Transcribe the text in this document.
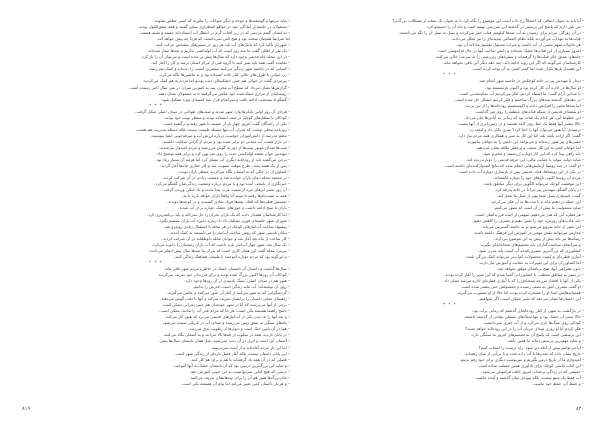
– بیاید مرغها و گوسفندها و جوجه و دیگر حیوانات را بیاورید که اسیر عطش نشوند.
– مسئولان در جلسه از آمادگی خود در مواقع اضطراری سخن گفتند و همه متفق‌القول بودند.
– به ایشان گفتم مردمی که در زیر آفتاب گرم در انتظار آب ایستاده‌اند خسته و تشنه هستند.
اما شرایط همچنان سخت بود و هیچ کس نمی‌دانست که فردا چه پیش خواهد آمد.
– شهردار تأکید کرد که تانکرهای آب باید هر روز در مسیرهای مشخص حرکت کنند.
– یک نفر از اهالی گفت ما سه روز است که آب لوله‌کشی نداریم و بچه‌ها بیمار شده‌اند.
– در این محله چاه قدیمی وجود دارد که سال‌ها پیش پر شده است و می‌توان آن را باز کرد.
– نماینده گفت همه باید صبر کنند تا گروه فنی از مرکز استان برسد و کار را آغاز کند.
– کسانی که در حاشیه شهر زندگی می‌کنند بیشترین آسیب را دیده‌اند و کمک نمی‌رسد.
– زن جوانی با ظرف‌های خالی کنار جاده ایستاده بود و به ماشین‌ها نگاه می‌کرد.
– پیرمردی گفت در جوانی هم چنین خشکسالی دیده بودیم اما مردم به هم کمک می‌کردند.
– گزارش‌ها نشان می‌داد که سطح آب مخزن سد به کمترین میزان در سی سال اخیر رسیده است.
– روستاییان از مزارع خشک‌شده خود عکس می‌گرفتند تا به مسئولان نشان دهند.
– گفتگو تا نیمه‌شب ادامه یافت و سرانجام قرار شد کمیته‌ای ویژه تشکیل شود.
* * *
– فردای آن روز اولین تانکرها وارد شهر شدند و صف‌های طولانی در میدان اصلی شکل گرفت.
– کودکان با سطل‌های کوچک در صف ایستاده بودند و منتظر نوبت خود بودند.
– یکی از رانندگان گفت امروز چهار بار از چشمه تا شهر رفته و برگشته است.
– روزنامه محلی نوشت که بحران آب تنها مسئله طبیعت نیست بلکه مسئله مدیریت هم هست.
– معلم مدرسه از دانش‌آموزان خواست درباره ارزش آب و صرفه‌جویی انشا بنویسند.
– در بازار قیمت آب معدنی دو برابر شده بود و مردم از گرانی شکایت داشتند.
– شب‌ها صدای موتور پمپ‌ها از دور به گوش می‌رسید و مردم امیدوار می‌شدند.
– مهندس جوان نقشه لوله‌کشی جدید را روی میز پهن کرد و برای همه توضیح داد.
– برخی می‌گفتند باید از رودخانه دیگری آب منتقل کرد اما هزینه آن بسیار زیاد بود.
– پس از یک هفته بحث، طرح موقت تصویب شد و کار حفاری چاه‌ها آغاز گردید.
– کشاورزان در حالی که به آسمان نگاه می‌کردند منتظر باران بودند.
– در مسجد محله دعای باران خوانده شد و جمعیت زیادی در آن شرکت کردند.
– خبرنگاری از پایتخت آمده بود و با مردم درباره وضعیت زندگی‌شان گفتگو می‌کرد.
– آن روز عصر ابرهای تیره از سمت غرب پیدا شدند و باد خنکی وزیدن گرفت.
– همه به پشت‌بام‌ها رفتند تا ببینند آیا واقعاً باران خواهد بارید یا نه.
– نخستین قطره‌ها که افتاد، بچه‌ها فریاد شادی کشیدند و در کوچه‌ها دویدند.
– باران تا صبح ادامه داشت و جوی‌های خشک دوباره پر از آب شدند.
– اما کارشناسان هشدار دادند که یک باران بحران را حل نمی‌کند و باید برنامه‌ریزی کرد.
– شورای شهر جلسه‌ای فوری تشکیل داد تا درباره ذخیره آب باران تصمیم بگیرد.
– پیشنهاد ساخت آب‌انبارهای کوچک در هر محله با استقبال زیادی روبه‌رو شد.
– بنایان قدیمی شهر که روش ساخت آب‌انبار را می‌دانستند به کمک آمدند.
– کار ساخت از ماه بعد آغاز شد و جوانان محله داوطلبانه در آن شرکت کردند.
– یک سال بعد، شهر چهار آب‌انبار تازه داشت که آب باران زمستان را ذخیره می‌کرد.
– پیرمرد محله گفت این همان کاری است که پدران ما صدها سال پیش انجام می‌دادند.
– و این‌گونه بود که مردم دوباره آموختند با طبیعت هماهنگ زندگی کنند.
* * *
– سال‌ها گذشت و داستان آن تابستان خشک در خاطره مردم شهر باقی ماند.
– کودکان آن روزها اکنون بزرگ شده بودند و برای فرزندان خود تعریف می‌کردند.
– هنوز هم در میدان اصلی، سنگ یادبودی از آن روزها وجود دارد.
– روی آن نوشته‌اند: آب مایه زندگی است، قدرش را بدانیم.
– گردشگرانی که به شهر می‌آیند از کنار آن عبور می‌کنند و عکس می‌گیرند.
– راهنمای محلی داستان را برایشان تعریف می‌کند و آنها با دقت گوش می‌دهند.
– برخی از آنها می‌پرسند که آیا در شهر خودشان هم چنین بحرانی ممکن است.
– پاسخ راهنما همیشه یکی است: هر جا که مردم قدر آب را ندانند، ممکن است.
– و بعد آنها را به دیدن یکی از آب‌انبارهای قدیمی می‌برد که هنوز کار می‌کند.
– پله‌های سنگی به عمق زمین می‌رسند و صدای آب در تاریکی شنیده می‌شود.
– هوا در آن پایین خنک است و دیوارها از رطوبت برق می‌زنند.
– در پایان بازدید، همه در سکوت از پله‌ها بالا می‌آیند و به آسمان نگاه می‌کنند.
– آسمان آبی است و ابری در آن دیده نمی‌شود، مثل همان تابستان سال‌ها پیش.
– اما این بار مردم آماده‌اند و از آینده نمی‌ترسند.
– این پایان داستان نیست، بلکه آغاز فصل تازه‌ای از زندگی شهر است.
– فصلی که در آن همه یاد گرفته‌اند با هم و برای هم کار کنند.
– و شاید این بزرگ‌ترین درسی بود که آن تابستان خشک به آنها آموخت.
– درسی که هیچ کتابی نمی‌توانست به این خوبی آموزش دهد.
– مادربزرگ‌ها هنوز هم آن را برای نوه‌هایشان تعریف می‌کنند.
– و هر بار داستان کمی تغییر می‌کند اما پیام آن همیشه یکی است.
۸۱۹
– آیا باید به عنوان اتفاقی که احتمالاً رخ داده است این موضوع را نگاه کرد یا به عنوان یک نشانه از مشکلات بزرگ‌تر؟
– من باور دارم که پاسخ این پرسش در گذشته این سرزمین نهفته است و باید آن را جستجو کرد.
– در آن روزگار، مردم برای رسیدن به آب صدها کیلومتر قنات حفر می‌کردند و نسل به نسل آن را نگه می‌داشتند.
– قنات‌ها نه تنها آب می‌آوردند بلکه نظام اجتماعی پیچیده‌ای را نیز شکل می‌دادند.
– هر خانواده سهم معینی از آب داشت و میراب مسئول تقسیم عادلانه آن بود.
– امروز بسیاری از این قنات‌ها خشک شده‌اند و دانش ساخت آنها در حال فراموشی است.
– چاه‌های عمیق جای قنات‌ها را گرفته‌اند و سفره‌های زیرزمینی را به سرعت خالی می‌کنند.
– کارشناسان می‌گویند که اگر این روند ادامه یابد، چند دهه دیگر آبی باقی نخواهد ماند.
– این هشدار بارها تکرار شده اما کمتر کسی به آن توجه کرده است.
* * *
– دیدار با مهندس پیر در خانه کوچکش در حاشیه شهر انجام شد.
– او سال‌ها در اداره آب کار کرده بود و اکنون بازنشسته بود.
– با صدایی آرام گفت: ما اشتباه کردیم، فکر می‌کردیم آب تمام‌نشدنی است.
– در دهه‌های گذشته سدهای بزرگ ساختیم و فکر کردیم مشکل حل شده است.
– اما سدها تبخیر را افزایش دادند و اکوسیستم رودخانه‌ها را از بین بردند.
– او نقشه‌ای قدیمی از شبکه قنات‌های منطقه را روی میز گذاشت.
– این خطوط آبی، هر کدام یک قنات بود که زمانی به آبادی‌ها جان می‌داد.
– حالا بیشتر آنها فقط یک خط روی کاغذ هستند و در زمین اثری از آنها نیست.
– پرسیدم: آیا هنوز می‌توان آنها را احیا کرد؟ سری تکان داد و لبخند زد.
– گفت: اگر اراده باشد بله، اما این کار به صبر و همکاری همه مردم نیاز دارد.
– مقنی‌های پیر هنوز زنده‌اند و می‌توانند این دانش را به جوانان بیاموزند.
– اما جوانان کمتر به این کار سخت و پرخطر علاقه نشان می‌دهند.
– باید راهی پیدا کرد که این کار دوباره ارزشمند و محترم شود.
– شاید دولت بتواند با حمایت مالی، این حرفه قدیمی را دوباره زنده کند.
– او گفت در چند روستا آزمایش‌هایی انجام شده که نتایج امیدوارکننده‌ای داشته است.
– در یکی از این روستاها، قنات قدیمی پس از بازسازی دوباره آب داده است.
– مردم آن روستا اکنون باغ‌های خود را دوباره کاشته‌اند.
– این موفقیت کوچک می‌تواند الگویی برای دیگر مناطق باشد.
– در پایان گفتگو، مهندس پیر مرا تا در خانه بدرقه کرد.
– گفت: امیدوارم نسل شما بهتر از نسل ما عمل کند.
– این جمله در ذهنم ماند و تا مدت‌ها به آن فکر می‌کردم.
– شاید مسئولیت ما بیش از آن است که تصور می‌کنیم.
– هر قطره آبی که هدر می‌دهیم، سهمی از آینده فرزندانمان است.
– باید عادت‌های روزمره خود را تغییر دهیم و مصرف را کاهش دهیم.
– این تغییر از خانه شروع می‌شود و به جامعه گسترش می‌یابد.
– مدارس می‌توانند نقش مهمی در آموزش این فرهنگ داشته باشند.
– رسانه‌ها نیز باید بیش از پیش به این موضوع بپردازند.
– و سرانجام، سیاست‌گذاران باید تصمیم‌های شجاعانه‌ای بگیرند.
– کشاورزی که بزرگ‌ترین مصرف‌کننده آب است باید مدرن شود.
– آبیاری قطره‌ای و کشت محصولات کم‌آب‌بر می‌تواند کمک بزرگی باشد.
– اما کشاورزان برای این تغییرات به حمایت و آموزش نیاز دارند.
– بدون همراهی آنها، هیچ برنامه‌ای موفق نخواهد شد.
– در سفر به مناطق مختلف، با کشاورزانی آشنا شدم که این تغییر را آغاز کرده بودند.
– یکی از آنها با افتخار مزرعه پسته‌اش را که با آبیاری قطره‌ای اداره می‌شد نشان داد.
– او گفت مصرف آبش به نصف رسیده و محصولش حتی بیشتر شده است.
– همسایه‌هایش ابتدا او را مسخره کرده بودند اما حالا از او مشورت می‌گیرند.
– این داستان‌ها نشان می‌دهد که تغییر ممکن است، اگر بخواهیم.
* * *
– در بازگشت به شهر، از کنار رودخانه‌ای گذشتم که زمانی پرآب بود.
– حالا بستر آن خشک بود و تنها سنگ‌های صیقلی نشانی از گذشته داشتند.
– کودکی روی سنگ‌ها بازی می‌کرد و از آب چیزی نمی‌دانست.
– فکر کردم آیا او روزی صدای جریان آب را در این رودخانه خواهد شنید؟
– این پرسشی است که پاسخ آن به تصمیم‌های امروز ما بستگی دارد.
– و شاید مهم‌ترین پرسش زمانه ما همین باشد.
– آیا می‌توانیم پیش از آنکه دیر شود، راه درست را انتخاب کنیم؟
– تاریخ نشان داده که تمدن‌ها با آب زاده شده و با بی‌آبی از میان رفته‌اند.
– امیدوارم ما از تاریخ درس بگیریم و سرنوشت دیگری برای خود رقم بزنیم.
– این کتاب تلاشی کوچک برای یادآوری همین حقیقت ساده است.
– حقیقتی که در زندگی پرشتاب امروز اغلب فراموش می‌شود.
– آب فقط یک منبع نیست، بلکه پیوندی میان گذشته و آینده ماست.
– و حفظ آن، حفظ خود ماست.
۸۲۰
